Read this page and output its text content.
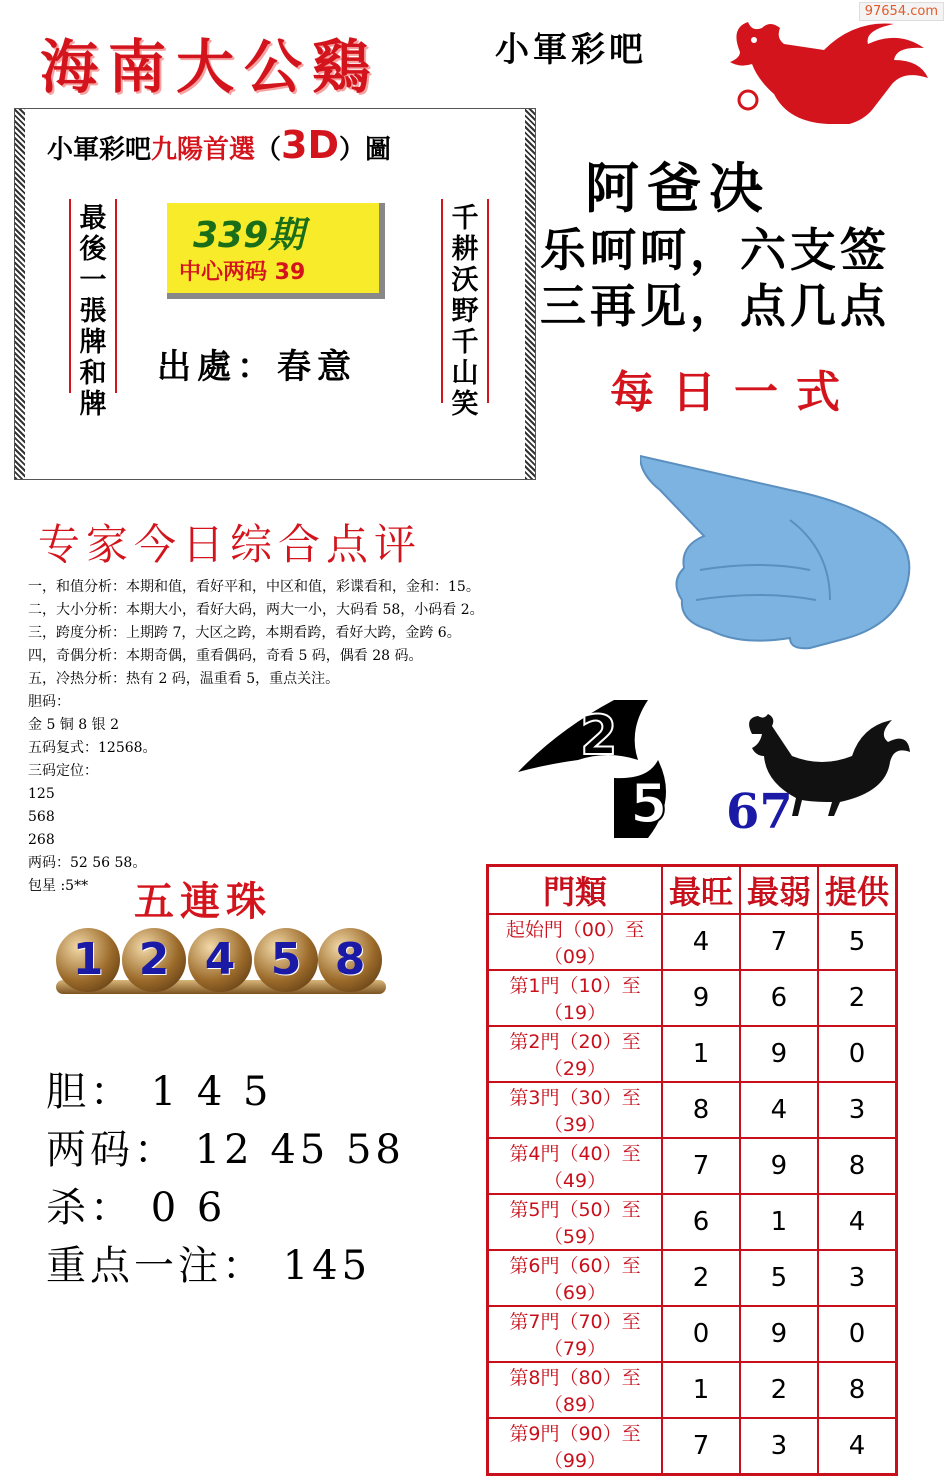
97654.com
海南大公鷄	小軍彩吧
小軍彩吧九陽首選（3D）圖
最後一張牌和牌
千耕沃野千山笑
339期
中心两码 39
出處：春意
阿爸决
乐呵呵，六支签
三再见，点几点
每日一式
专家今日综合点评
一，和值分析：本期和值，看好平和，中区和值，彩谍看和，金和：15。
二，大小分析：本期大小，看好大码，两大一小，大码看 58，小码看 2。
三，跨度分析：上期跨 7，大区之跨，本期看跨，看好大跨，金跨 6。
四，奇偶分析：本期奇偶，重看偶码，奇看 5 码，偶看 28 码。
五，冷热分析：热有 2 码，温重看 5，重点关注。
胆码：
金 5 铜 8 银 2
五码复式：12568。
三码定位：
125
568
268
两码：52 56 58。
包星 :5**
2
5 67
五連珠
1 2 4 5 8
胆： 1 4 5
两码： 12 45 58
杀： 0 6
重点一注： 145
門類	最旺	最弱	提供
起始門（00）至（09）	4	7	5
第1門（10）至（19）	9	6	2
第2門（20）至（29）	1	9	0
第3門（30）至（39）	8	4	3
第4門（40）至（49）	7	9	8
第5門（50）至（59）	6	1	4
第6門（60）至（69）	2	5	3
第7門（70）至（79）	0	9	0
第8門（80）至（89）	1	2	8
第9門（90）至（99）	7	3	4
